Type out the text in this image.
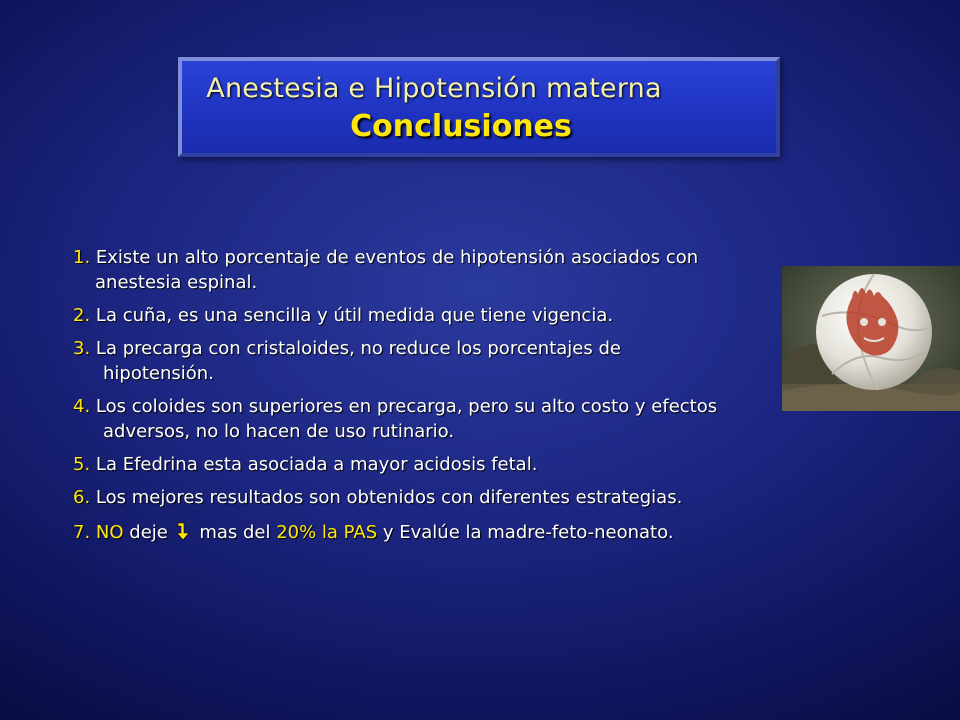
Anestesia e Hipotensión materna
Conclusiones
1. Existe un alto porcentaje de eventos de hipotensión asociados con
anestesia espinal.
2. La cuña, es una sencilla y útil medida que tiene vigencia.
3. La precarga con cristaloides, no reduce los porcentajes de
hipotensión.
4. Los coloides son superiores en precarga, pero su alto costo y efectos
adversos, no lo hacen de uso rutinario.
5. La Efedrina esta asociada a mayor acidosis fetal.
6. Los mejores resultados son obtenidos con diferentes estrategias.
7. NO deje  mas del 20% la PAS y Evalúe la madre-feto-neonato.
